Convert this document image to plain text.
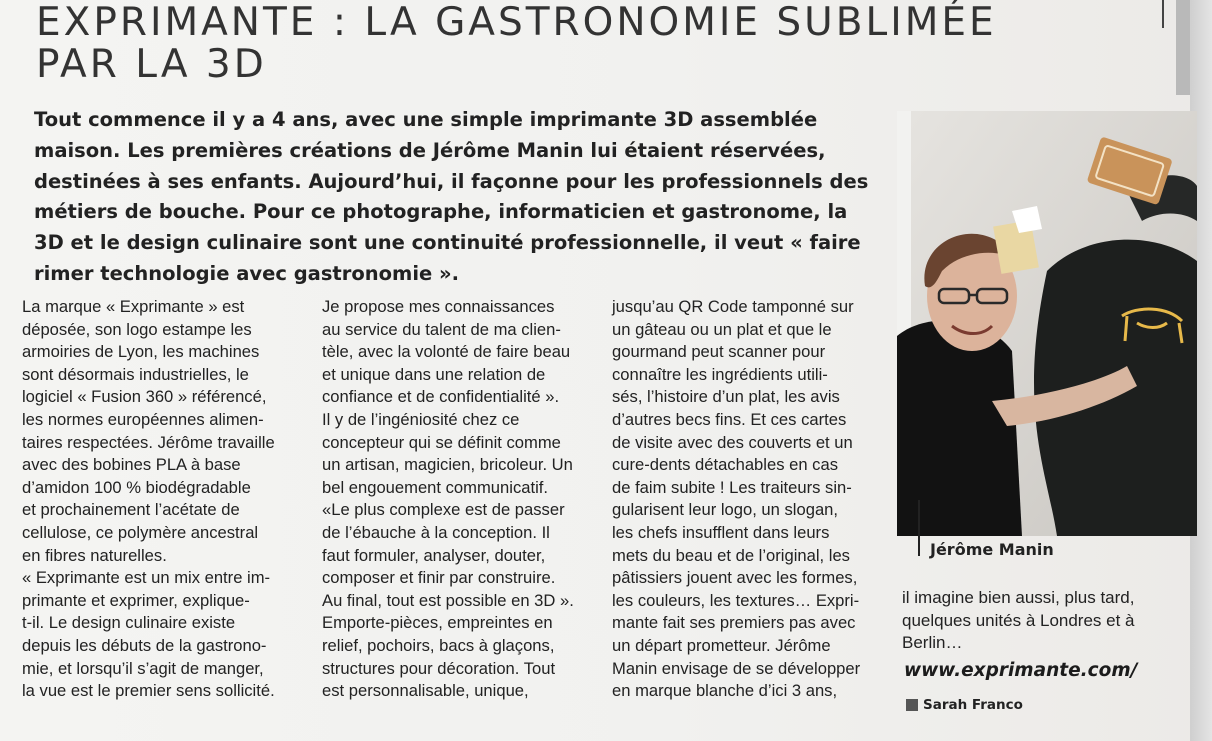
EXPRIMANTE : LA GASTRONOMIE SUBLIMÉE
PAR LA 3D
Tout commence il y a 4 ans, avec une simple imprimante 3D assemblée
maison. Les premières créations de Jérôme Manin lui étaient réservées,
destinées à ses enfants. Aujourd’hui, il façonne pour les professionnels des
métiers de bouche. Pour ce photographe, informaticien et gastronome, la
3D et le design culinaire sont une continuité professionnelle, il veut « faire
rimer technologie avec gastronomie ».
La marque « Exprimante » est
déposée, son logo estampe les
armoiries de Lyon, les machines
sont désormais industrielles, le
logiciel « Fusion 360 » référencé,
les normes européennes alimen-
taires respectées. Jérôme travaille
avec des bobines PLA à base
d’amidon 100 % biodégradable
et prochainement l’acétate de
cellulose, ce polymère ancestral
en fibres naturelles.
« Exprimante est un mix entre im-
primante et exprimer, explique-
t-il. Le design culinaire existe
depuis les débuts de la gastrono-
mie, et lorsqu’il s’agit de manger,
la vue est le premier sens sollicité.
Je propose mes connaissances
au service du talent de ma clien-
tèle, avec la volonté de faire beau
et unique dans une relation de
confiance et de confidentialité ».
Il y de l’ingéniosité chez ce
concepteur qui se définit comme
un artisan, magicien, bricoleur. Un
bel engouement communicatif.
«Le plus complexe est de passer
de l’ébauche à la conception. Il
faut formuler, analyser, douter,
composer et finir par construire.
Au final, tout est possible en 3D ».
Emporte-pièces, empreintes en
relief, pochoirs, bacs à glaçons,
structures pour décoration. Tout
est personnalisable, unique,
jusqu’au QR Code tamponné sur
un gâteau ou un plat et que le
gourmand peut scanner pour
connaître les ingrédients utili-
sés, l’histoire d’un plat, les avis
d’autres becs fins. Et ces cartes
de visite avec des couverts et un
cure-dents détachables en cas
de faim subite ! Les traiteurs sin-
gularisent leur logo, un slogan,
les chefs insufflent dans leurs
mets du beau et de l’original, les
pâtissiers jouent avec les formes,
les couleurs, les textures… Expri-
mante fait ses premiers pas avec
un départ prometteur. Jérôme
Manin envisage de se développer
en marque blanche d’ici 3 ans,
Jérôme Manin
il imagine bien aussi, plus tard,
quelques unités à Londres et à
Berlin…
www.exprimante.com/
Sarah Franco
